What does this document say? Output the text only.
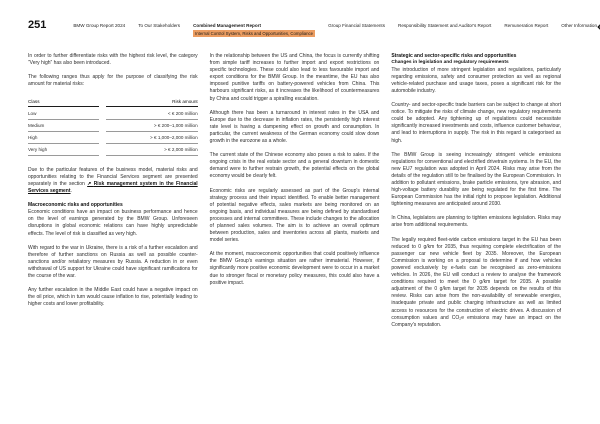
251	BMW Group Report 2024	To Our Stakeholders	Combined Management Report
Internal Control System, Risks and Opportunities, Compliance
Group Financial Statements	Responsibility Statement and Auditor's Report	Remuneration Report	Other Information

In order to further differentiate risks with the highest risk level, the category “Very high” has also been introduced.

The following ranges thus apply for the purpose of classifying the risk amount for material risks:

Class	Risk amount
Low	< € 200 million
Medium	> € 200–1,000 million
High	> € 1,000–2,000 million
Very high	> € 2,000 million

Due to the particular features of the business model, material risks and opportunities relating to the Financial Services segment are presented separately in the section ↗ Risk management system in the Financial Services segment.

Macroeconomic risks and opportunities

Economic conditions have an impact on business performance and hence on the level of earnings generated by the BMW Group. Unforeseen disruptions in global economic relations can have highly unpredictable effects. The level of risk is classified as very high.

With regard to the war in Ukraine, there is a risk of a further escalation and therefore of further sanctions on Russia as well as possible counter-sanctions and/or retaliatory measures by Russia. A reduction in or even withdrawal of US support for Ukraine could have significant ramifications for the course of the war.

Any further escalation in the Middle East could have a negative impact on the oil price, which in turn would cause inflation to rise, potentially leading to higher costs and lower profitability.

In the relationship between the US and China, the focus is currently shifting from simple tariff increases to further import and export restrictions on specific technologies. These could also lead to less favourable import and export conditions for the BMW Group. In the meantime, the EU has also imposed punitive tariffs on battery-powered vehicles from China. This harbours significant risks, as it increases the likelihood of countermeasures by China and could trigger a spiralling escalation.

Although there has been a turnaround in interest rates in the USA and Europe due to the decrease in inflation rates, the persistently high interest rate level is having a dampening effect on growth and consumption. In particular, the current weakness of the German economy could slow down growth in the eurozone as a whole.

The current state of the Chinese economy also poses a risk to sales. If the ongoing crisis in the real estate sector and a general downturn in domestic demand were to further restrain growth, the potential effects on the global economy would be clearly felt.

Economic risks are regularly assessed as part of the Group's internal strategy process and their impact identified. To enable better management of potential negative effects, sales markets are being monitored on an ongoing basis, and individual measures are being defined by standardised processes and internal committees. These include changes to the allocation of planned sales volumes. The aim is to achieve an overall optimum between production, sales and inventories across all plants, markets and model series.

At the moment, macroeconomic opportunities that could positively influence the BMW Group's earnings situation are rather immaterial. However, if significantly more positive economic development were to occur in a market due to stronger fiscal or monetary policy measures, this could also have a positive impact.

Strategic and sector-specific risks and opportunities
Changes in legislation and regulatory requirements

The introduction of more stringent legislation and regulations, particularly regarding emissions, safety and consumer protection as well as regional vehicle-related purchase and usage taxes, poses a significant risk for the automobile industry.

Country- and sector-specific trade barriers can be subject to change at short notice. To mitigate the risks of climate change, new regulatory requirements could be adopted. Any tightening up of regulations could necessitate significantly increased investments and costs, influence customer behaviour, and lead to interruptions in supply. The risk in this regard is categorised as high.

The BMW Group is seeing increasingly stringent vehicle emissions regulations for conventional and electrified drivetrain systems. In the EU, the new EU7 regulation was adopted in April 2024. Risks may arise from the details of the regulation still to be finalised by the European Commission. In addition to pollutant emissions, brake particle emissions, tyre abrasion, and high-voltage battery durability are being regulated for the first time. The European Commission has the initial right to propose legislation. Additional tightening measures are anticipated around 2030.

In China, legislators are planning to tighten emissions legislation. Risks may arise from additional requirements.

The legally required fleet-wide carbon emissions target in the EU has been reduced to 0 g/km for 2035, thus requiring complete electrification of the passenger car new vehicle fleet by 2035. Moreover, the European Commission is working on a proposal to determine if and how vehicles powered exclusively by e-fuels can be recognised as zero-emissions vehicles. In 2026, the EU will conduct a review to analyse the framework conditions required to meet the 0 g/km target for 2035. A possible adjustment of the 0 g/km target for 2035 depends on the results of this review. Risks can arise from the non-availability of renewable energies, inadequate private and public charging infrastructure as well as limited access to resources for the construction of electric drives. A discussion of consumption values and CO₂e emissions may have an impact on the Company's reputation.
